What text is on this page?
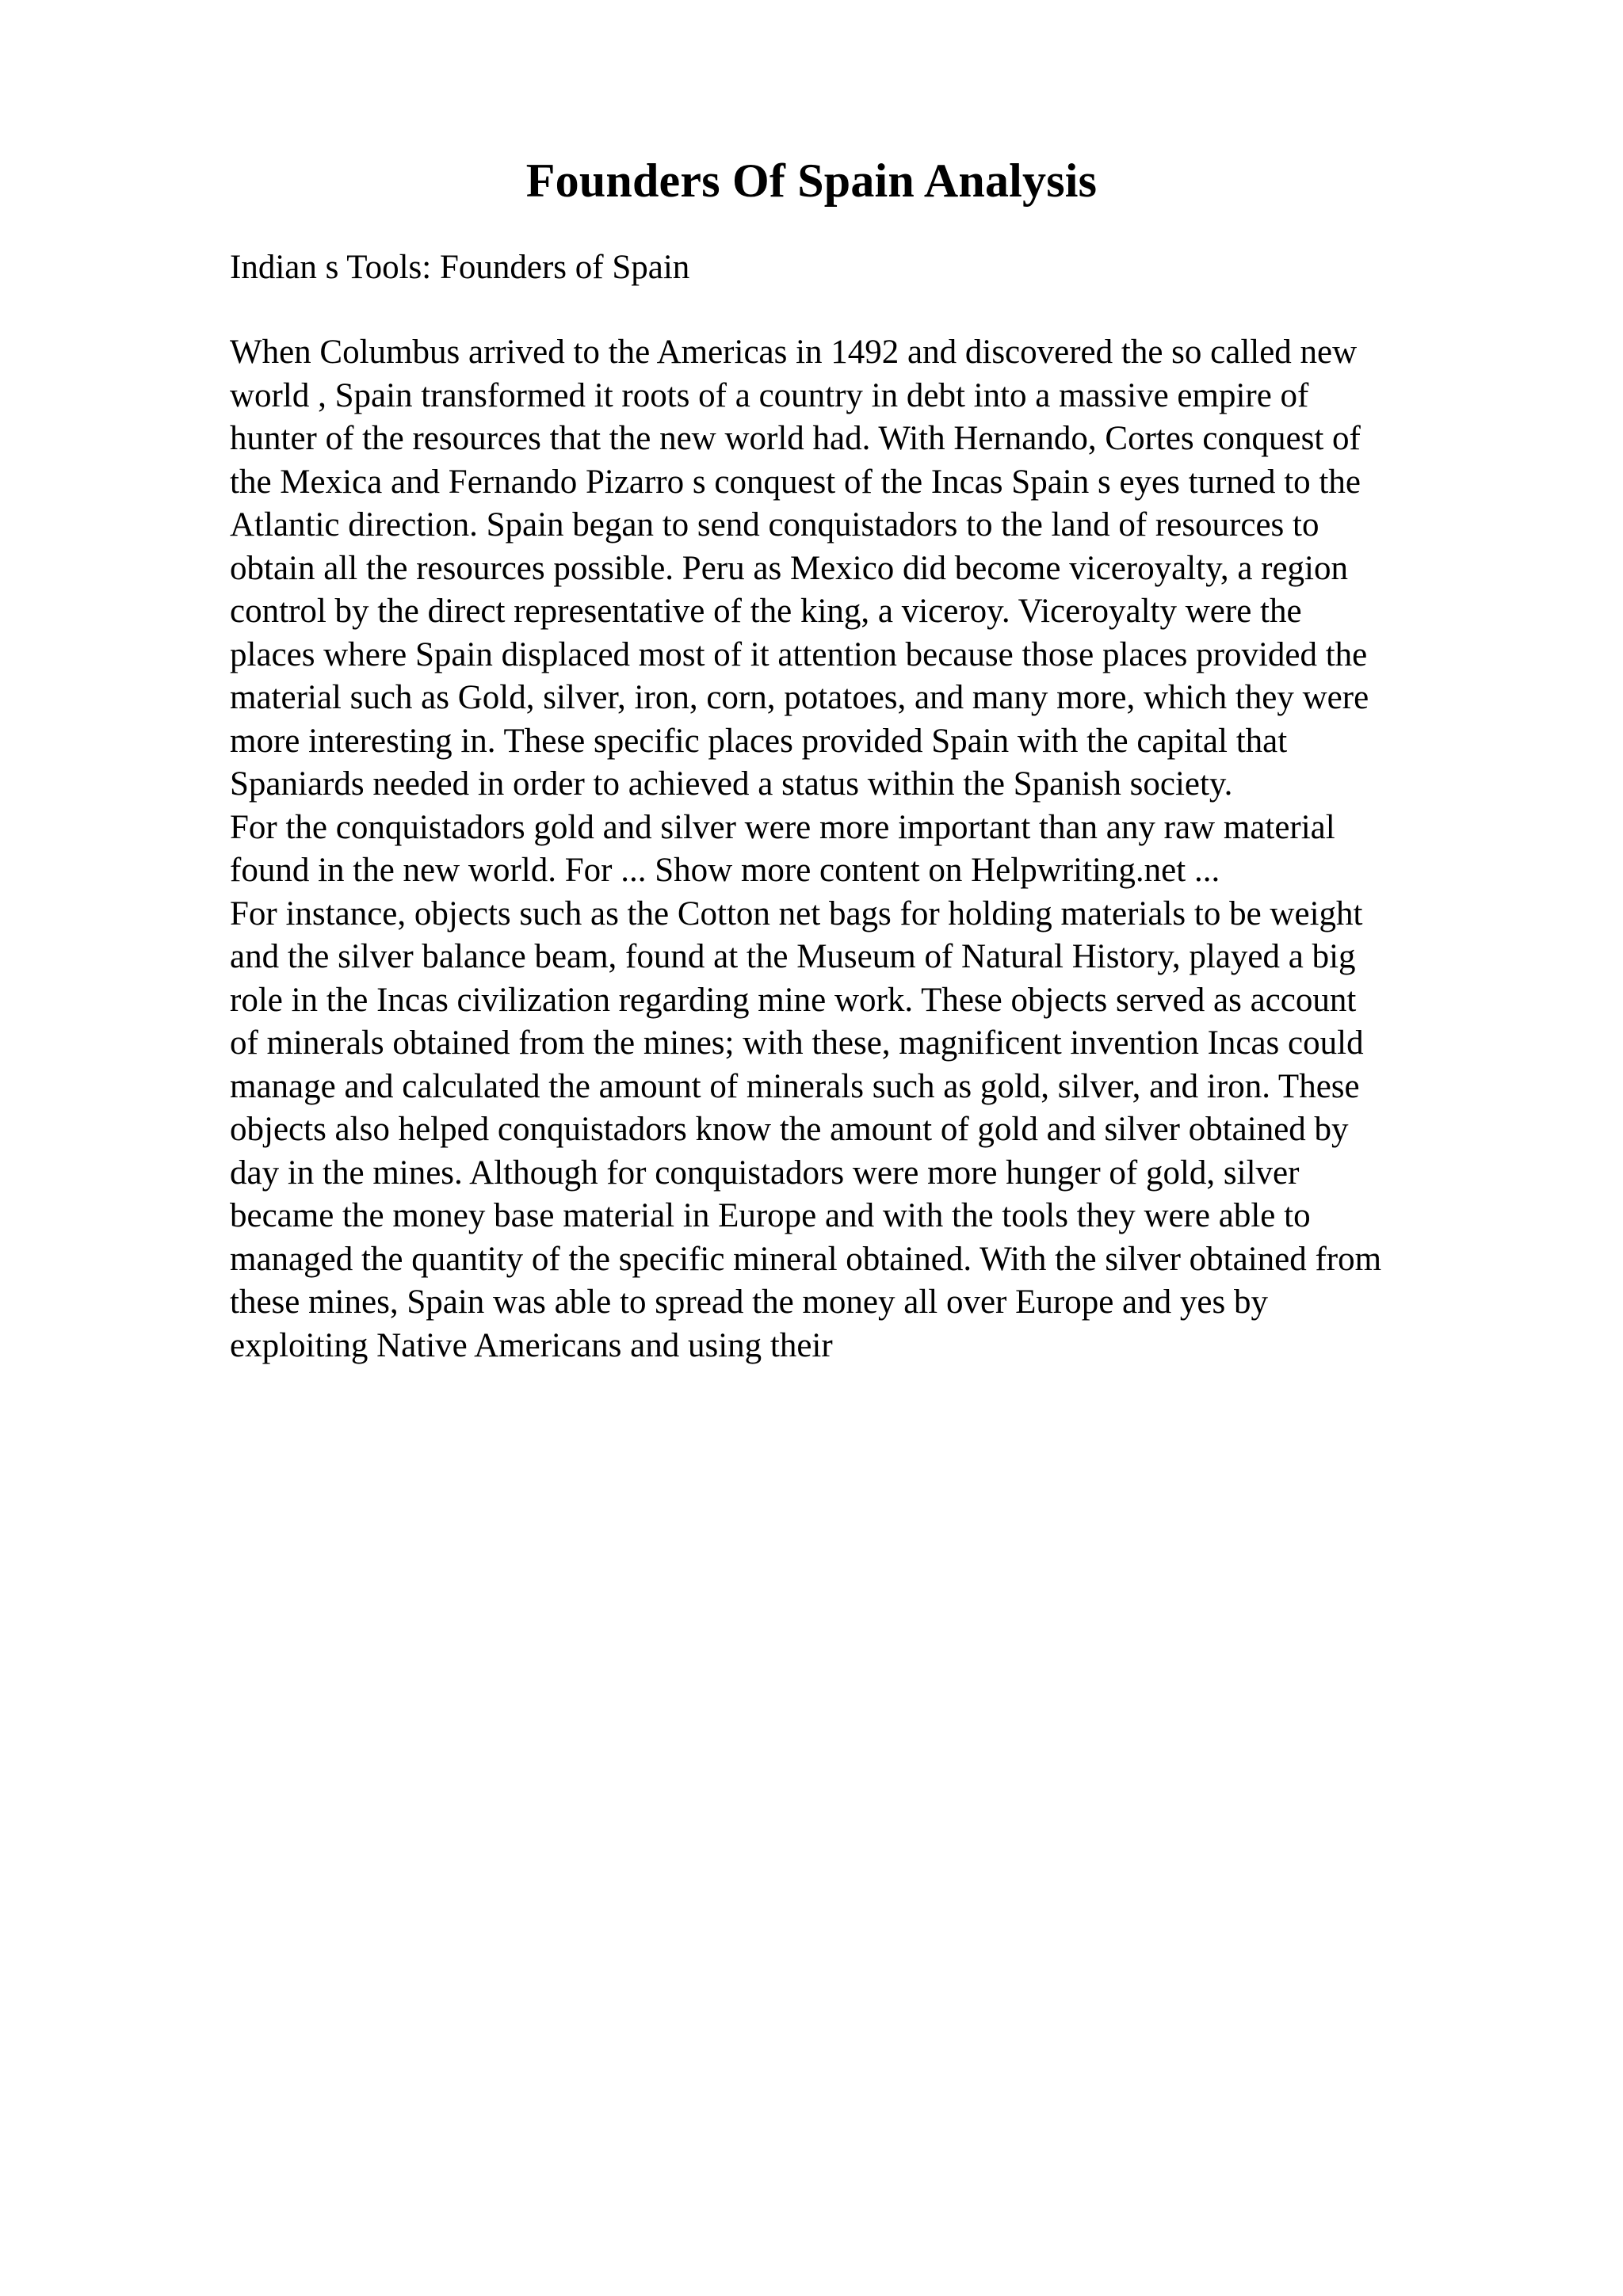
Founders Of Spain Analysis

Indian s Tools: Founders of Spain

When Columbus arrived to the Americas in 1492 and discovered the so called new
world , Spain transformed it roots of a country in debt into a massive empire of
hunter of the resources that the new world had. With Hernando, Cortes conquest of
the Mexica and Fernando Pizarro s conquest of the Incas Spain s eyes turned to the
Atlantic direction. Spain began to send conquistadors to the land of resources to
obtain all the resources possible. Peru as Mexico did become viceroyalty, a region
control by the direct representative of the king, a viceroy. Viceroyalty were the
places where Spain displaced most of it attention because those places provided the
material such as Gold, silver, iron, corn, potatoes, and many more, which they were
more interesting in. These specific places provided Spain with the capital that
Spaniards needed in order to achieved a status within the Spanish society.
For the conquistadors gold and silver were more important than any raw material
found in the new world. For ... Show more content on Helpwriting.net ...
For instance, objects such as the Cotton net bags for holding materials to be weight
and the silver balance beam, found at the Museum of Natural History, played a big
role in the Incas civilization regarding mine work. These objects served as account
of minerals obtained from the mines; with these, magnificent invention Incas could
manage and calculated the amount of minerals such as gold, silver, and iron. These
objects also helped conquistadors know the amount of gold and silver obtained by
day in the mines. Although for conquistadors were more hunger of gold, silver
became the money base material in Europe and with the tools they were able to
managed the quantity of the specific mineral obtained. With the silver obtained from
these mines, Spain was able to spread the money all over Europe and yes by
exploiting Native Americans and using their
